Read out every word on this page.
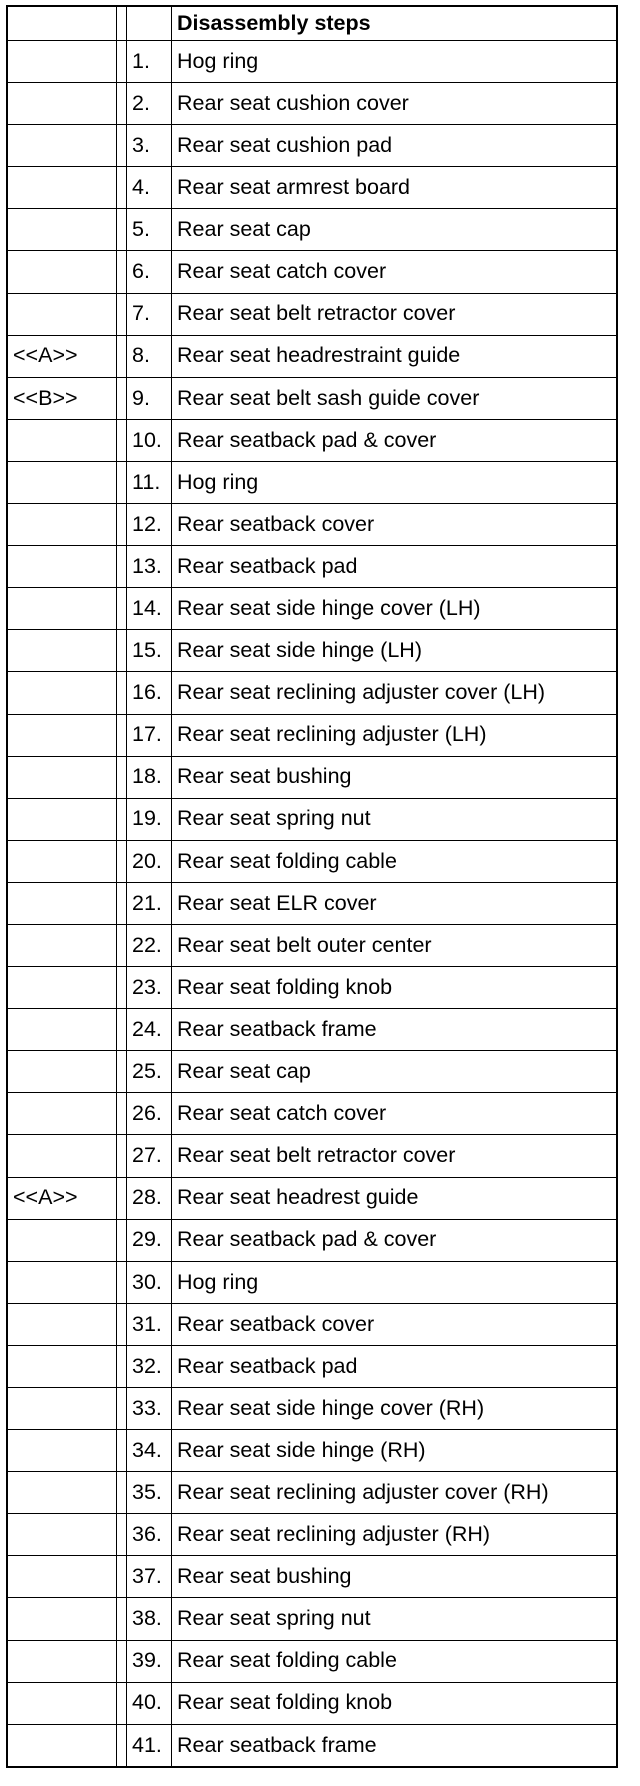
			Disassembly steps
		1.	Hog ring
		2.	Rear seat cushion cover
		3.	Rear seat cushion pad
		4.	Rear seat armrest board
		5.	Rear seat cap
		6.	Rear seat catch cover
		7.	Rear seat belt retractor cover
<<A>>		8.	Rear seat headrestraint guide
<<B>>		9.	Rear seat belt sash guide cover
		10.	Rear seatback pad & cover
		11.	Hog ring
		12.	Rear seatback cover
		13.	Rear seatback pad
		14.	Rear seat side hinge cover (LH)
		15.	Rear seat side hinge (LH)
		16.	Rear seat reclining adjuster cover (LH)
		17.	Rear seat reclining adjuster (LH)
		18.	Rear seat bushing
		19.	Rear seat spring nut
		20.	Rear seat folding cable
		21.	Rear seat ELR cover
		22.	Rear seat belt outer center
		23.	Rear seat folding knob
		24.	Rear seatback frame
		25.	Rear seat cap
		26.	Rear seat catch cover
		27.	Rear seat belt retractor cover
<<A>>		28.	Rear seat headrest guide
		29.	Rear seatback pad & cover
		30.	Hog ring
		31.	Rear seatback cover
		32.	Rear seatback pad
		33.	Rear seat side hinge cover (RH)
		34.	Rear seat side hinge (RH)
		35.	Rear seat reclining adjuster cover (RH)
		36.	Rear seat reclining adjuster (RH)
		37.	Rear seat bushing
		38.	Rear seat spring nut
		39.	Rear seat folding cable
		40.	Rear seat folding knob
		41.	Rear seatback frame
